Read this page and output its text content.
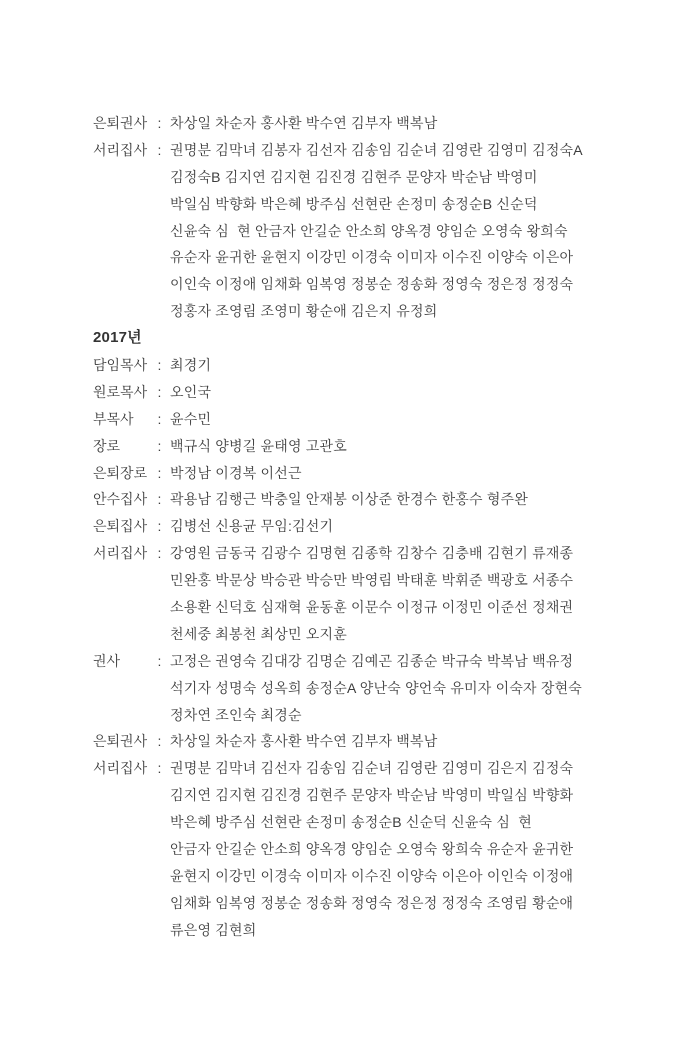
은퇴권사 : 차상일 차순자 홍사환 박수연 김부자 백복남
서리집사 : 권명분 김막녀 김봉자 김선자 김송임 김순녀 김영란 김영미 김정숙A
김정숙B 김지연 김지현 김진경 김현주 문양자 박순남 박영미
박일심 박향화 박은혜 방주심 선현란 손정미 송정순B 신순덕
신윤숙 심  현 안금자 안길순 안소희 양옥경 양임순 오영숙 왕희숙
유순자 윤귀한 윤현지 이강민 이경숙 이미자 이수진 이양숙 이은아
이인숙 이정애 임채화 임복영 정봉순 정송화 정영숙 정은정 정정숙
정홍자 조영림 조영미 황순애 김은지 유정희
2017년
담임목사 : 최경기
원로목사 : 오인국
부목사	: 윤수민
장로	: 백규식 양병길 윤태영 고관호
은퇴장로 : 박정남 이경복 이선근
안수집사 : 곽용남 김행근 박충일 안재봉 이상준 한경수 한홍수 형주완
은퇴집사 : 김병선 신용균 무임:김선기
서리집사 : 강영원 금동국 김광수 김명현 김종학 김창수 김충배 김현기 류재종
민완홍 박문상 박승관 박승만 박영림 박태훈 박휘준 백광호 서종수
소용환 신덕호 심재혁 윤동훈 이문수 이정규 이정민 이준선 정채권
천세중 최봉천 최상민 오지훈
권사	: 고정은 권영숙 김대강 김명순 김예곤 김종순 박규숙 박복남 백유정
석기자 성명숙 성옥희 송정순A 양난숙 양언숙 유미자 이숙자 장현숙
정차연 조인숙 최경순
은퇴권사 : 차상일 차순자 홍사환 박수연 김부자 백복남
서리집사 : 권명분 김막녀 김선자 김송임 김순녀 김영란 김영미 김은지 김정숙
김지연 김지현 김진경 김현주 문양자 박순남 박영미 박일심 박향화
박은혜 방주심 선현란 손정미 송정순B 신순덕 신윤숙 심  현
안금자 안길순 안소희 양옥경 양임순 오영숙 왕희숙 유순자 윤귀한
윤현지 이강민 이경숙 이미자 이수진 이양숙 이은아 이인숙 이정애
임채화 임복영 정봉순 정송화 정영숙 정은정 정정숙 조영림 황순애
류은영 김현희
